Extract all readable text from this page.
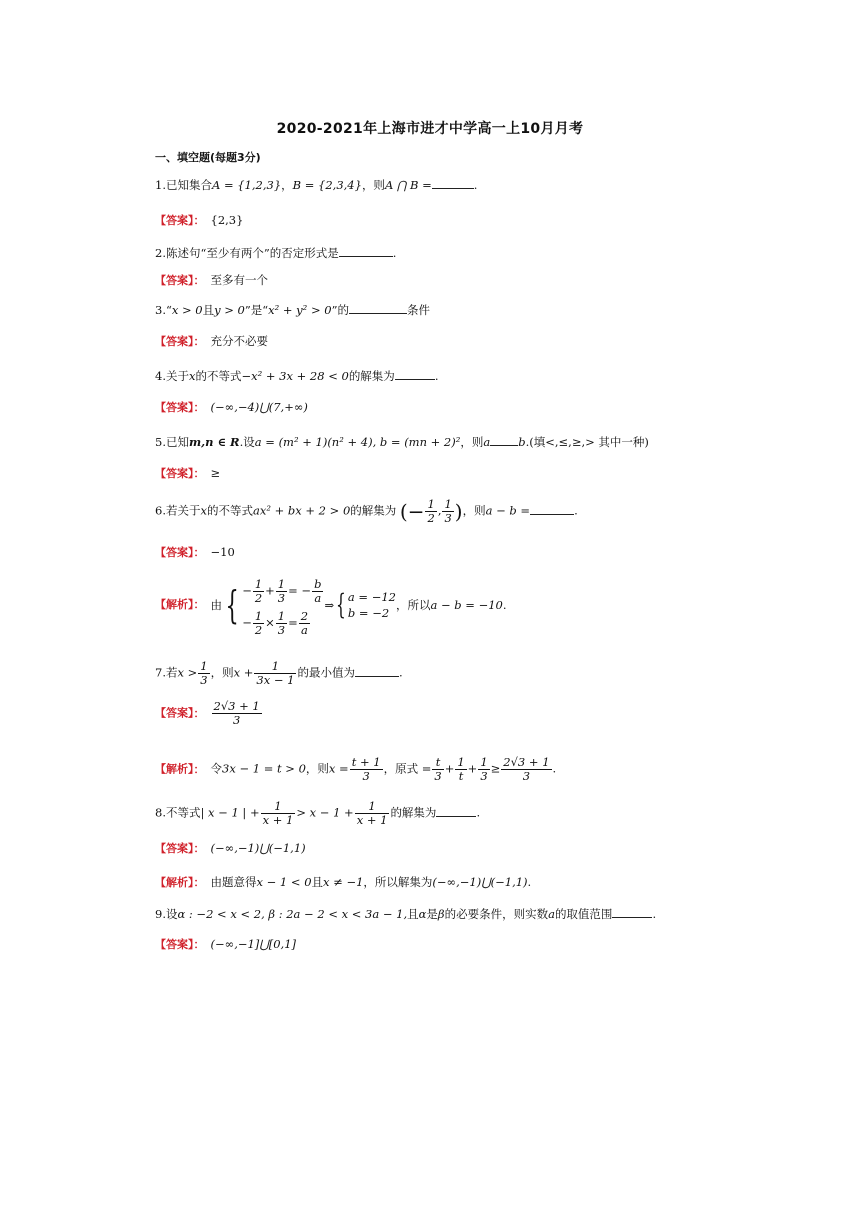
2020-2021年上海市进才中学高一上10月月考
一、填空题(每题3分)
1.已知集合A = {1,2,3}，B = {2,3,4}，则A ⋂ B =	.
【答案】： {2,3}
2.陈述句“至少有两个”的否定形式是	.
【答案】： 至多有一个
3.“x > 0且y > 0”是“x² + y² > 0”的	条件
【答案】： 充分不必要
4.关于x的不等式−x² + 3x + 28 < 0的解集为	.
【答案】： (−∞,−4)⋃(7,+∞)
5.已知m,n ∈ R.设a = (m² + 1)(n² + 4), b = (mn + 2)²，则a b.(填<,≤,≥,> 其中一种)
【答案】： ≥
6.若关于x的不等式ax² + bx + 2 > 0的解集为 (− $\frac{1}{2}$ , $\frac{1}{3}$ )，则a − b =	.
【答案】： −10
【解析】： 由{ − $\frac{1}{2} + \frac{1}{3}$ = − $\frac{b}{a}$
− $\frac{1}{2} \times \frac{1}{3} = \frac{2}{a}$
⇒{ a = −12
b = −2
，所以a − b = −10.
7.若$x > \frac{1}{3}$ ，则$x + \frac{1}{3x - 1}$ 的最小值为	.
【答案】： $\frac{2√3 + 1}{3}$
【解析】： 令3x − 1 = t > 0，则$x = \frac{t + 1}{3}$ ，原式 = $\frac{t}{3} + \frac{1}{t} + \frac{1}{3} \ge \frac{2√3 + 1}{3}$ .
8.不等式| x − 1 | + $\frac{1}{x + 1} > x - 1 + \frac{1}{x + 1}$ 的解集为	.
【答案】： (−∞,−1)⋃(−1,1)
【解析】： 由题意得x − 1 < 0且x ≠ −1，所以解集为(−∞,−1)⋃(−1,1).
9.设α : −2 < x < 2, β : 2a − 2 < x < 3a − 1,且α是β的必要条件，则实数a的取值范围	.
【答案】： (−∞,−1]⋃[0,1]
